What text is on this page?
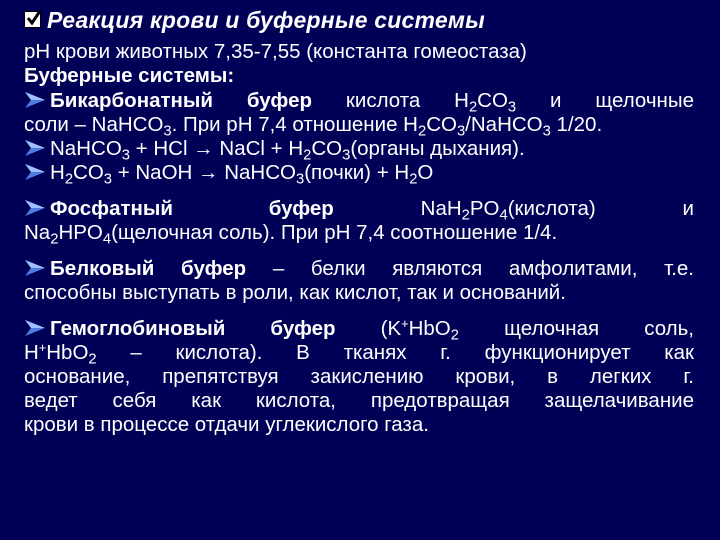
Реакция крови и буферные системы
рН крови животных 7,35-7,55 (константа гомеостаза)
Буферные системы:
Бикарбонатный буфер кислота $H_2CO_3$ и щелочные
соли – NaHCO$_3$. При pH 7,4 отношение $H_2CO_3/NaHCO_3$ 1/20.
NaHCO$_3$ + HCl → NaCl + $H_2CO_3(органы$ дыхания).
$H_2CO_3$ + NaOH → NaHCO$_3$(почки) + $H_2O$
Фосфатный буфер	$NaH_2PO_4(кислота)$	и
$Na_2HPO_4(щелочная$ соль). При pH 7,4 соотношение 1/4.
Белковый буфер – белки являются амфолитами, т.е.
способны выступать в роли, как кислот, так и оснований.
Гемоглобиновый буфер (K+HbO$_2$ щелочная соль,
H+HbO$_2$ – кислота). В тканях г. функционирует как
основание, препятствуя закислению крови, в легких г.
ведет себя как кислота, предотвращая защелачивание
крови в процессе отдачи углекислого газа.
